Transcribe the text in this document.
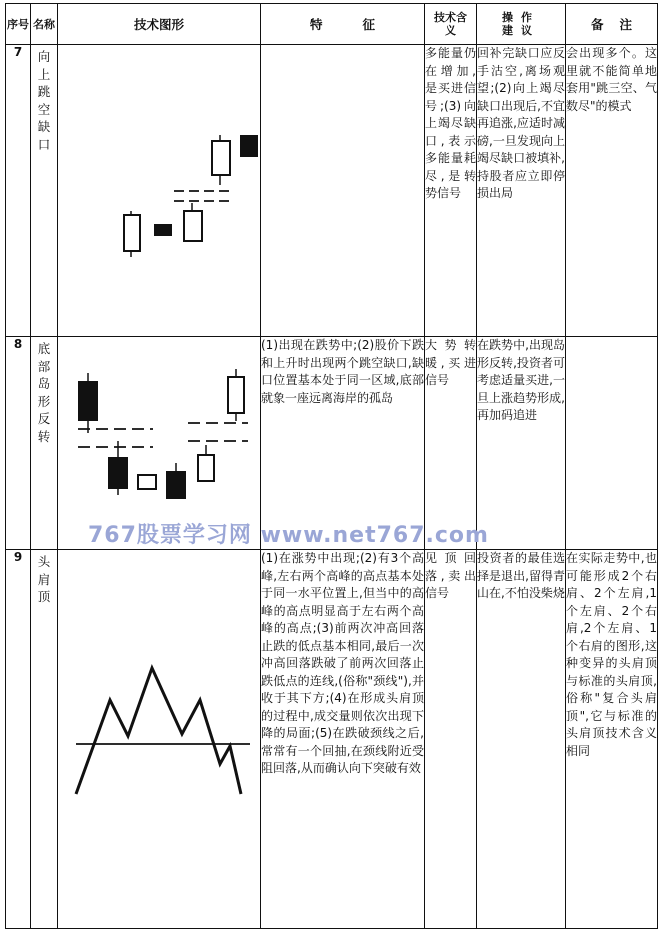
序号	名称	技术图形	特征	技术含义	操作建议	备注
7	向上跳空缺口			多能量仍在增加,是买进信号;(3)向上竭尽缺口,表示多能量耗尽,是转势信号	回补完缺口应反手沽空,离场观望;(2)向上竭尽缺口出现后,不宜再追涨,应适时减磅,一旦发现向上竭尽缺口被填补,持股者应立即停损出局	会出现多个。这里就不能简单地套用"跳三空、气数尽"的模式
8	底部岛形反转		(1)出现在跌势中;(2)股价下跌和上升时出现两个跳空缺口,缺口位置基本处于同一区域,底部就象一座远离海岸的孤岛	大势转暖,买进信号	在跌势中,出现岛形反转,投资者可考虑适量买进,一旦上涨趋势形成,再加码追进	
9	头肩顶		(1)在涨势中出现;(2)有3个高峰,左右两个高峰的高点基本处于同一水平位置上,但当中的高峰的高点明显高于左右两个高峰的高点;(3)前两次冲高回落止跌的低点基本相同,最后一次冲高回落跌破了前两次回落止跌低点的连线,(俗称"颈线"),并收于其下方;(4)在形成头肩顶的过程中,成交量则依次出现下降的局面;(5)在跌破颈线之后,常常有一个回抽,在颈线附近受阻回落,从而确认向下突破有效	见顶回落,卖出信号	投资者的最佳选择是退出,留得青山在,不怕没柴烧	在实际走势中,也可能形成2个右肩、2个左肩,1个左肩、2个右肩,2个左肩、1个右肩的图形,这种变异的头肩顶与标准的头肩顶,俗称"复合头肩顶",它与标准的头肩顶技术含义相同
767股票学习网 www.net767.com
